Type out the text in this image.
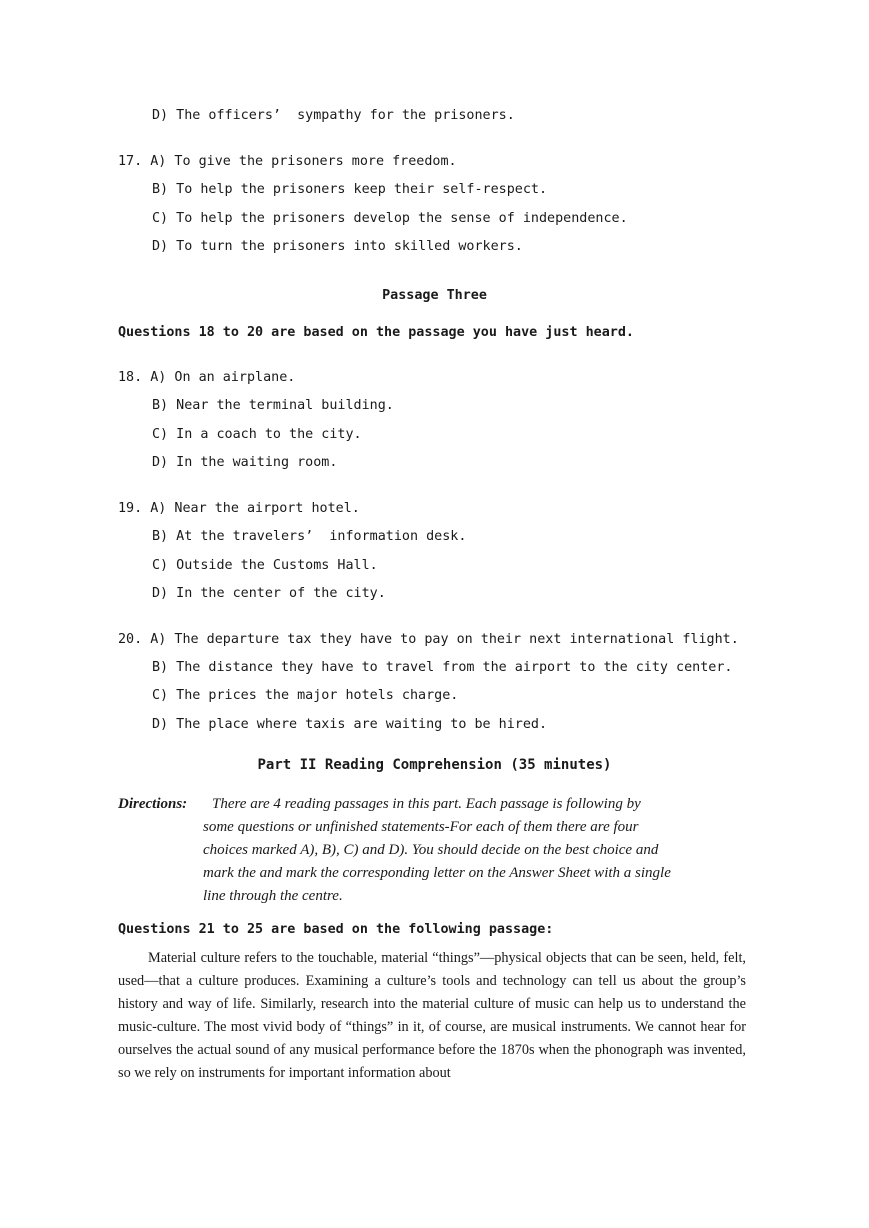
D) The officers’  sympathy for the prisoners.
17. A) To give the prisoners more freedom.
B) To help the prisoners keep their self-respect.
C) To help the prisoners develop the sense of independence.
D) To turn the prisoners into skilled workers.
Passage Three
Questions 18 to 20 are based on the passage you have just heard.
18. A) On an airplane.
B) Near the terminal building.
C) In a coach to the city.
D) In the waiting room.
19. A) Near the airport hotel.
B) At the travelers’  information desk.
C) Outside the Customs Hall.
D) In the center of the city.
20. A) The departure tax they have to pay on their next international flight.
B) The distance they have to travel from the airport to the city center.
C) The prices the major hotels charge.
D) The place where taxis are waiting to be hired.
Part II Reading Comprehension (35 minutes)
Directions: There are 4 reading passages in this part. Each passage is following by
some questions or unfinished statements-For each of them there are four
choices marked A), B), C) and D). You should decide on the best choice and
mark the and mark the corresponding letter on the Answer Sheet with a single
line through the centre.
Questions 21 to 25 are based on the following passage:

Material culture refers to the touchable, material “things”—physical objects that can be seen, held, felt, used—that a culture produces. Examining a culture’s tools and technology can tell us about the group’s history and way of life. Similarly, research into the material culture of music can help us to understand the music-culture. The most vivid body of “things” in it, of course, are musical instruments. We cannot hear for ourselves the actual sound of any musical performance before the 1870s when the phonograph was invented, so we rely on instruments for important information about
